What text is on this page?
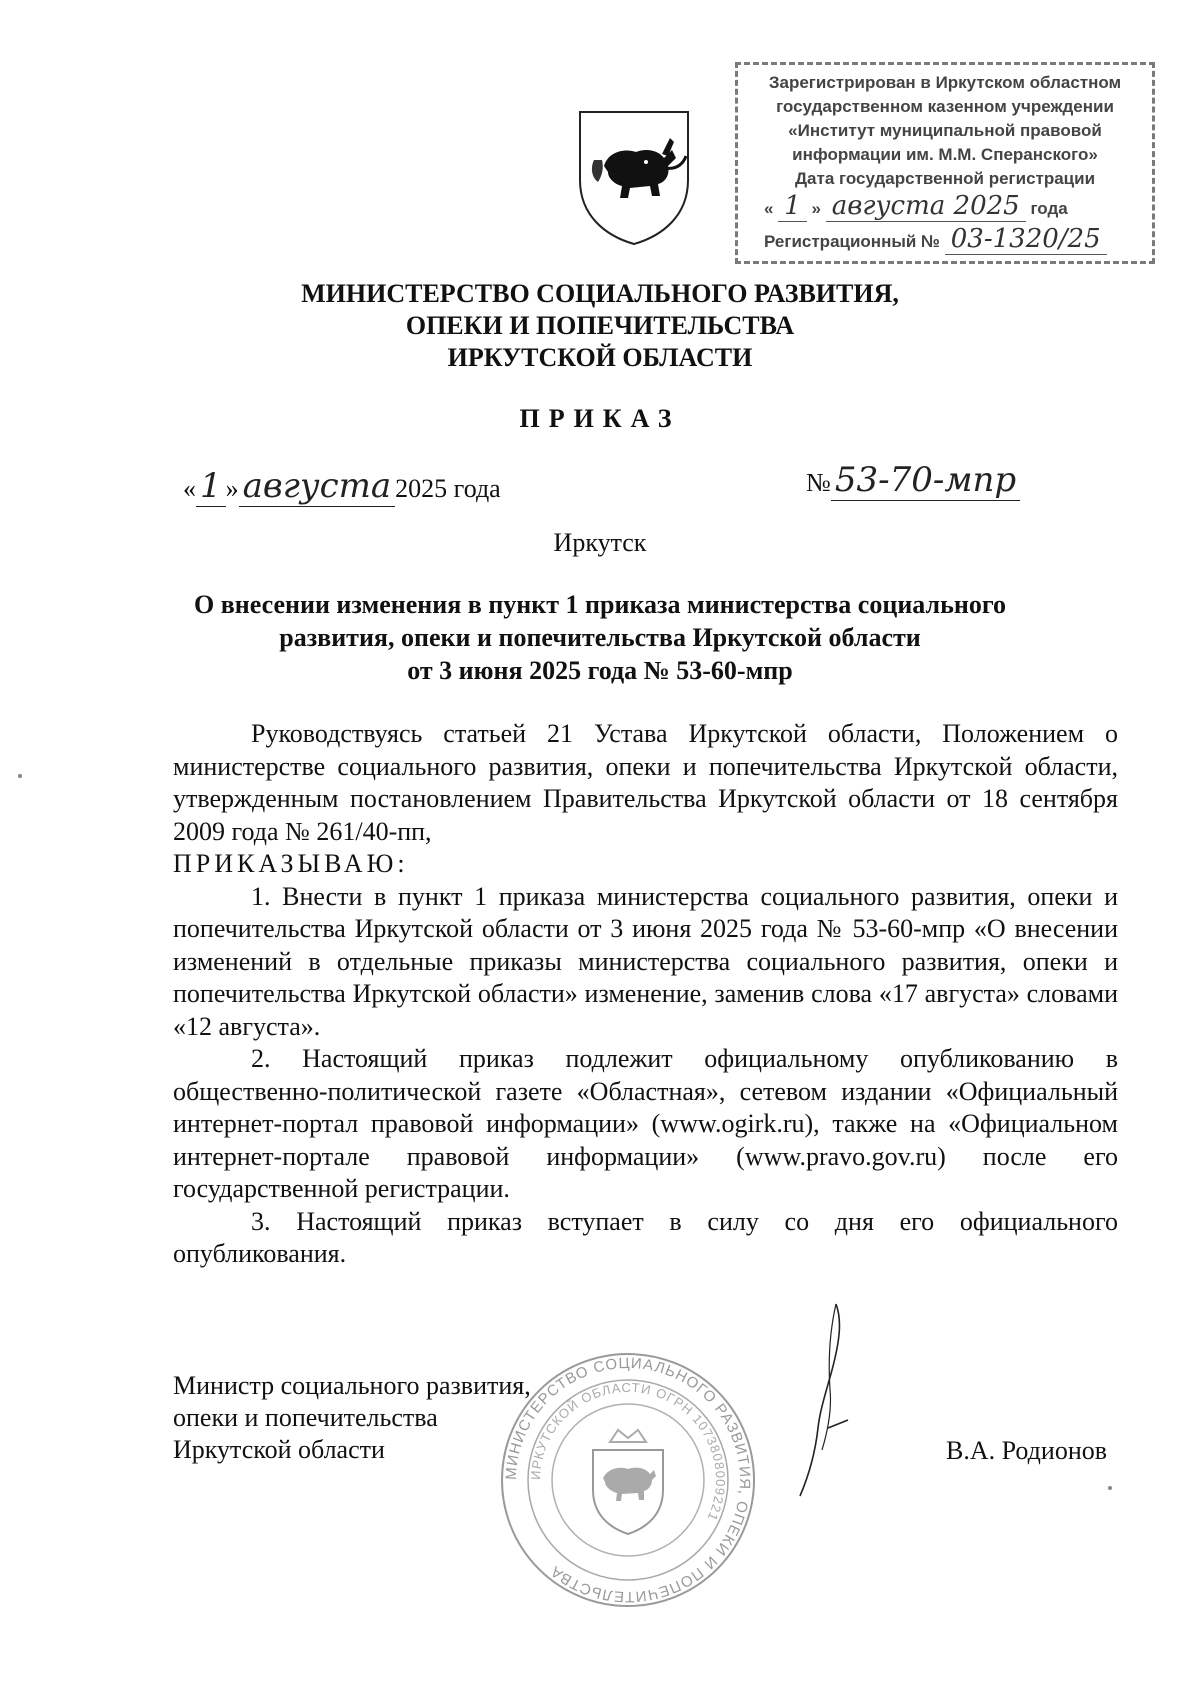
Зарегистрирован в Иркутском областном
государственном казенном учреждении
«Институт муниципальной правовой
информации им. М.М. Сперанского»
Дата государственной регистрации
« 1 » августа 2025 года
Регистрационный № 03-1320/25
МИНИСТЕРСТВО СОЦИАЛЬНОГО РАЗВИТИЯ,
ОПЕКИ И ПОПЕЧИТЕЛЬСТВА
ИРКУТСКОЙ ОБЛАСТИ
ПРИКАЗ
« 1 » августа 2025 года	№ 53-70-мпр
Иркутск
О внесении изменения в пункт 1 приказа министерства социального
развития, опеки и попечительства Иркутской области
от 3 июня 2025 года № 53-60-мпр

Руководствуясь статьей 21 Устава Иркутской области, Положением о министерстве социального развития, опеки и попечительства Иркутской области, утвержденным постановлением Правительства Иркутской области от 18 сентября 2009 года № 261/40-пп,

ПРИКАЗЫВАЮ:

1. Внести в пункт 1 приказа министерства социального развития, опеки и попечительства Иркутской области от 3 июня 2025 года № 53-60-мпр «О внесении изменений в отдельные приказы министерства социального развития, опеки и попечительства Иркутской области» изменение, заменив слова «17 августа» словами «12 августа».

2. Настоящий приказ подлежит официальному опубликованию в общественно-политической газете «Областная», сетевом издании «Официальный интернет-портал правовой информации» (www.ogirk.ru), также на «Официальном интернет-портале правовой информации» (www.pravo.gov.ru) после его государственной регистрации.

3. Настоящий приказ вступает в силу со дня его официального опубликования.

Министр социального развития,
опеки и попечительства
Иркутской области
МИНИСТЕРСТВО СОЦИАЛЬНОГО РАЗВИТИЯ, ОПЕКИ И ПОПЕЧИТЕЛЬСТВА
ИРКУТСКОЙ ОБЛАСТИ ОГРН 1073808009221
В.А. Родионов
